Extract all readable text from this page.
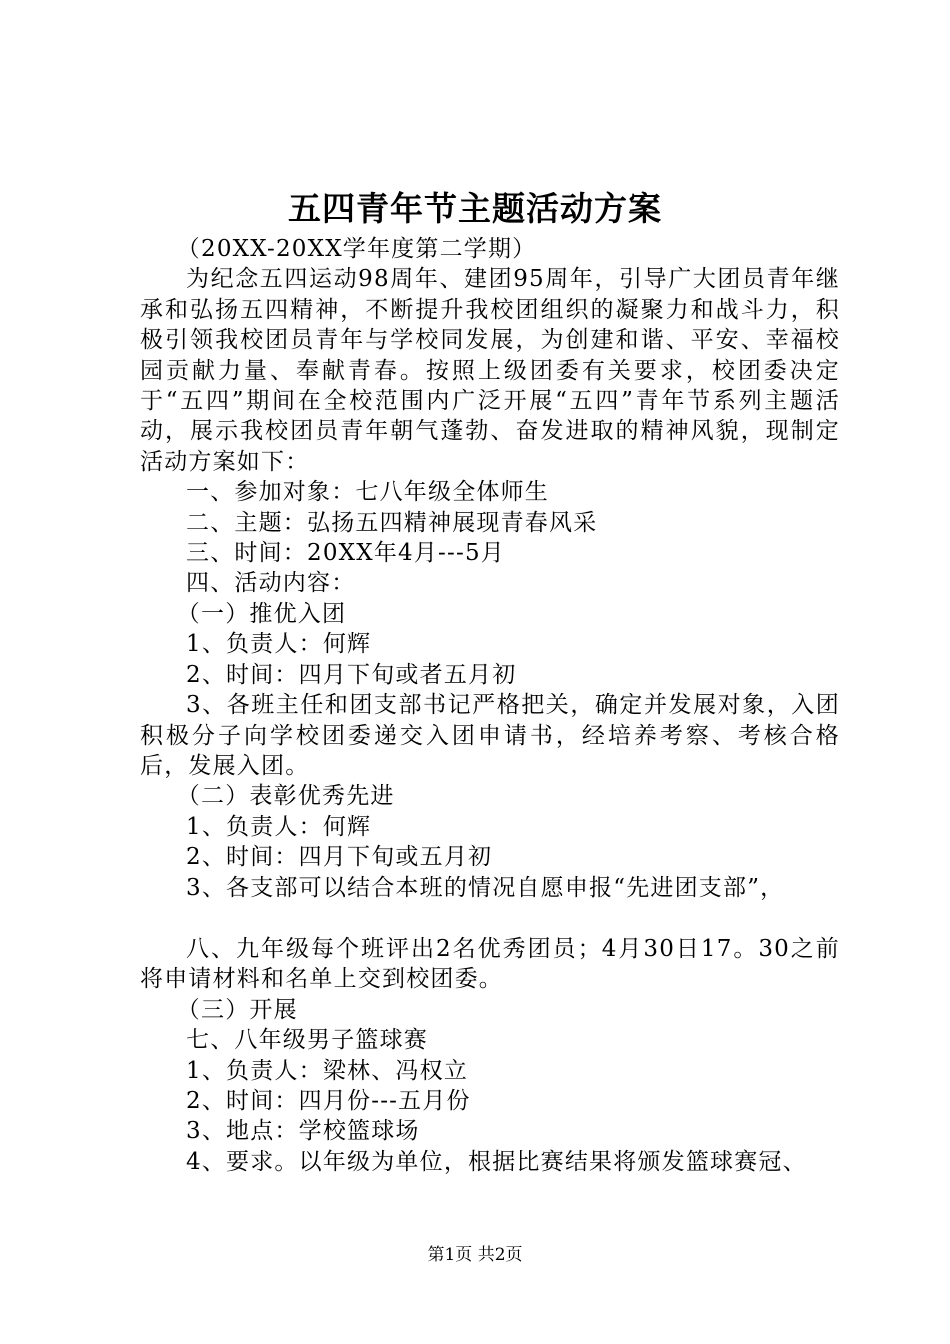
五四青年节主题活动方案

（20XX-20XX学年度第二学期）

为纪念五四运动98周年、建团95周年，引导广大团员青年继承和弘扬五四精神，不断提升我校团组织的凝聚力和战斗力，积极引领我校团员青年与学校同发展，为创建和谐、平安、幸福校园贡献力量、奉献青春。按照上级团委有关要求，校团委决定于“五四”期间在全校范围内广泛开展“五四”青年节系列主题活动，展示我校团员青年朝气蓬勃、奋发进取的精神风貌，现制定活动方案如下：

一、参加对象：七八年级全体师生

二、主题：弘扬五四精神展现青春风采

三、时间：20XX年4月---5月

四、活动内容：

（一）推优入团

1、负责人：何辉

2、时间：四月下旬或者五月初

3、各班主任和团支部书记严格把关，确定并发展对象，入团积极分子向学校团委递交入团申请书，经培养考察、考核合格后，发展入团。

（二）表彰优秀先进

1、负责人：何辉

2、时间：四月下旬或五月初

3、各支部可以结合本班的情况自愿申报“先进团支部”，

八、九年级每个班评出2名优秀团员；4月30日17。30之前将申请材料和名单上交到校团委。

（三）开展

七、八年级男子篮球赛

1、负责人：梁林、冯权立

2、时间：四月份---五月份

3、地点：学校篮球场

4、要求。以年级为单位，根据比赛结果将颁发篮球赛冠、

第1页 共2页
